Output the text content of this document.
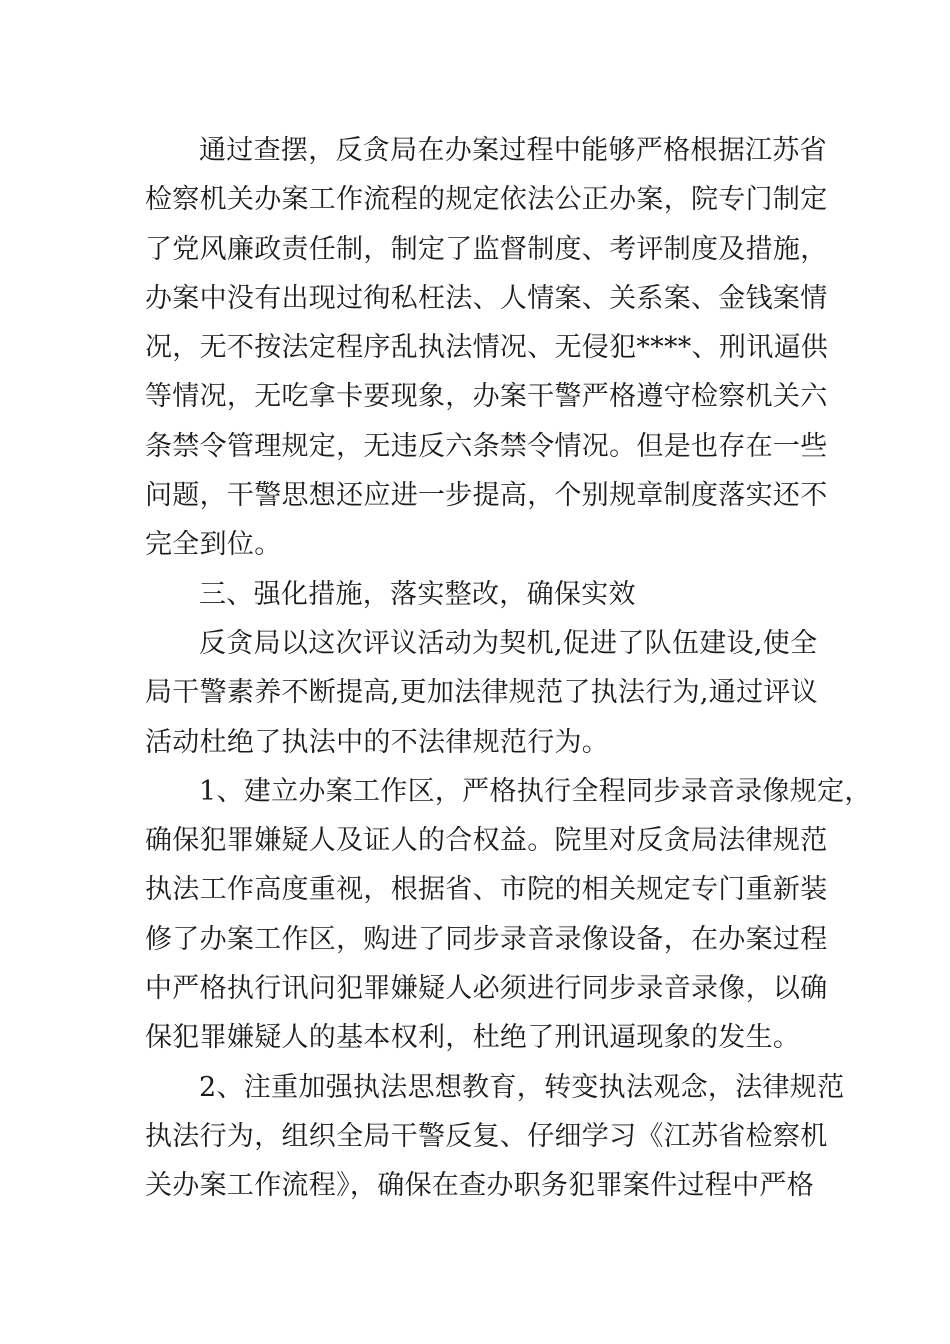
通过查摆，反贪局在办案过程中能够严格根据江苏省
检察机关办案工作流程的规定依法公正办案，院专门制定
了党风廉政责任制，制定了监督制度、考评制度及措施，
办案中没有出现过徇私枉法、人情案、关系案、金钱案情
况，无不按法定程序乱执法情况、无侵犯****、刑讯逼供
等情况，无吃拿卡要现象，办案干警严格遵守检察机关六
条禁令管理规定，无违反六条禁令情况。但是也存在一些
问题，干警思想还应进一步提高，个别规章制度落实还不
完全到位。
三、强化措施，落实整改，确保实效
反贪局以这次评议活动为契机,促进了队伍建设,使全
局干警素养不断提高,更加法律规范了执法行为,通过评议
活动杜绝了执法中的不法律规范行为。
1、建立办案工作区，严格执行全程同步录音录像规定，
确保犯罪嫌疑人及证人的合权益。院里对反贪局法律规范
执法工作高度重视，根据省、市院的相关规定专门重新装
修了办案工作区，购进了同步录音录像设备，在办案过程
中严格执行讯问犯罪嫌疑人必须进行同步录音录像，以确
保犯罪嫌疑人的基本权利，杜绝了刑讯逼现象的发生。
2、注重加强执法思想教育，转变执法观念，法律规范
执法行为，组织全局干警反复、仔细学习《江苏省检察机
关办案工作流程》，确保在查办职务犯罪案件过程中严格
